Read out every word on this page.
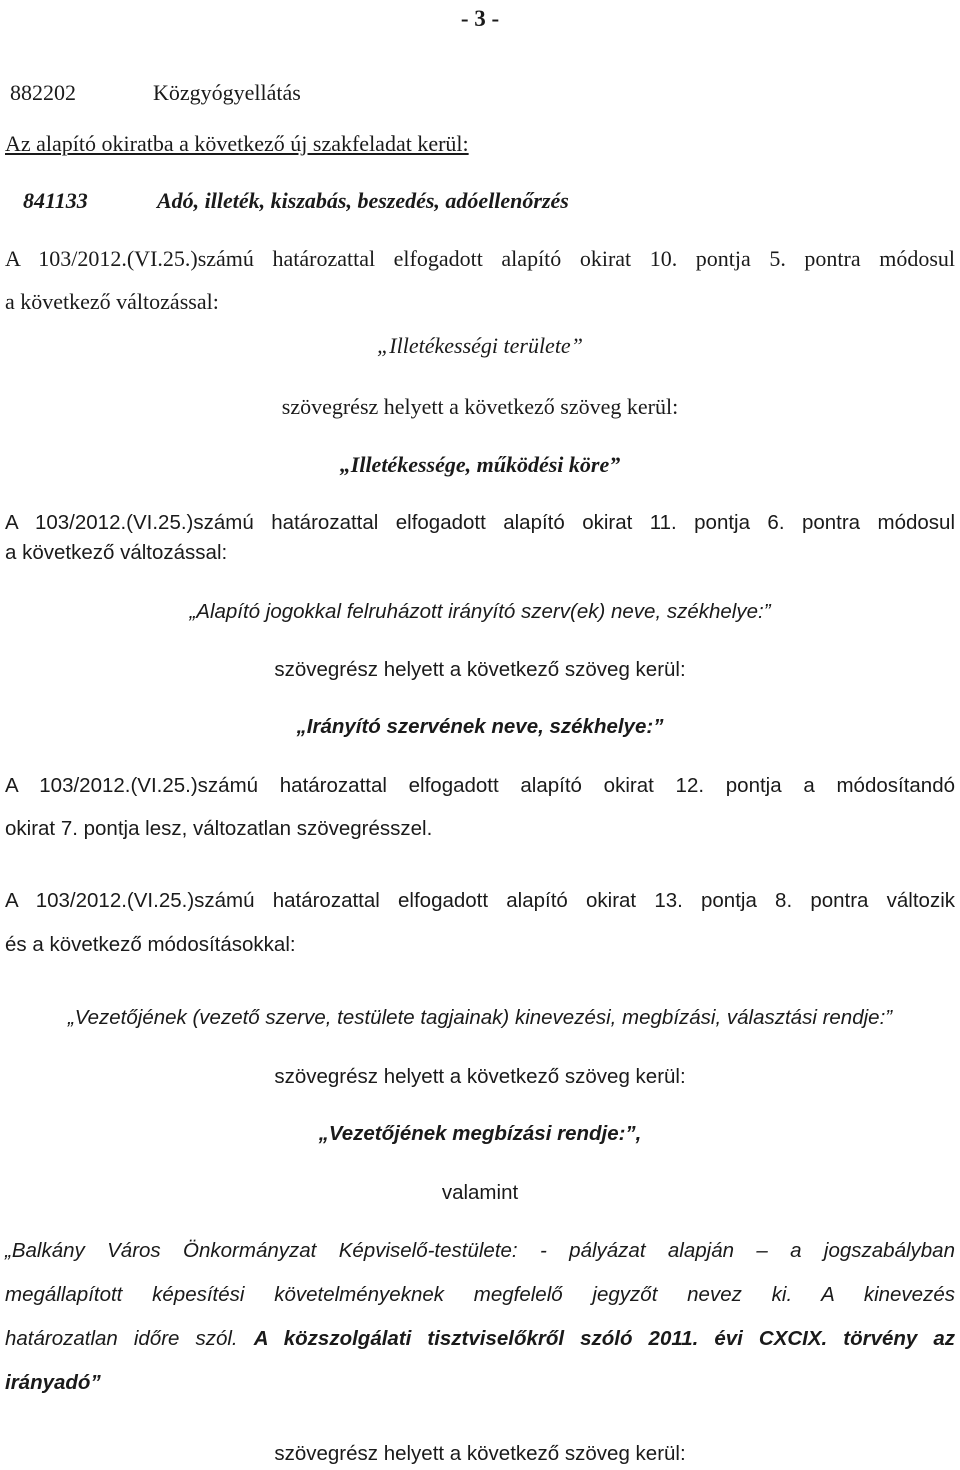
- 3 -
882202	Közgyógyellátás
Az alapító okiratba a következő új szakfeladat kerül:
841133	Adó, illeték, kiszabás, beszedés, adóellenőrzés
A 103/2012.(VI.25.)számú határozattal elfogadott alapító okirat 10. pontja 5. pontra módosul
a következő változással:
„Illetékességi területe”
szövegrész helyett a következő szöveg kerül:
„Illetékessége, működési köre”
A 103/2012.(VI.25.)számú határozattal elfogadott alapító okirat 11. pontja 6. pontra módosul
a következő változással:
„Alapító jogokkal felruházott irányító szerv(ek) neve, székhelye:”
szövegrész helyett a következő szöveg kerül:
„Irányító szervének neve, székhelye:”
A 103/2012.(VI.25.)számú határozattal elfogadott alapító okirat 12. pontja a módosítandó
okirat 7. pontja lesz, változatlan szövegrésszel.
A 103/2012.(VI.25.)számú határozattal elfogadott alapító okirat 13. pontja 8. pontra változik
és a következő módosításokkal:
„Vezetőjének (vezető szerve, testülete tagjainak) kinevezési, megbízási, választási rendje:”
szövegrész helyett a következő szöveg kerül:
„Vezetőjének megbízási rendje:”,
valamint
„Balkány Város Önkormányzat Képviselő-testülete: - pályázat alapján – a jogszabályban
megállapított képesítési követelményeknek megfelelő jegyzőt nevez ki. A kinevezés
határozatlan időre szól. A közszolgálati tisztviselőkről szóló 2011. évi CXCIX. törvény az
irányadó”
szövegrész helyett a következő szöveg kerül:
